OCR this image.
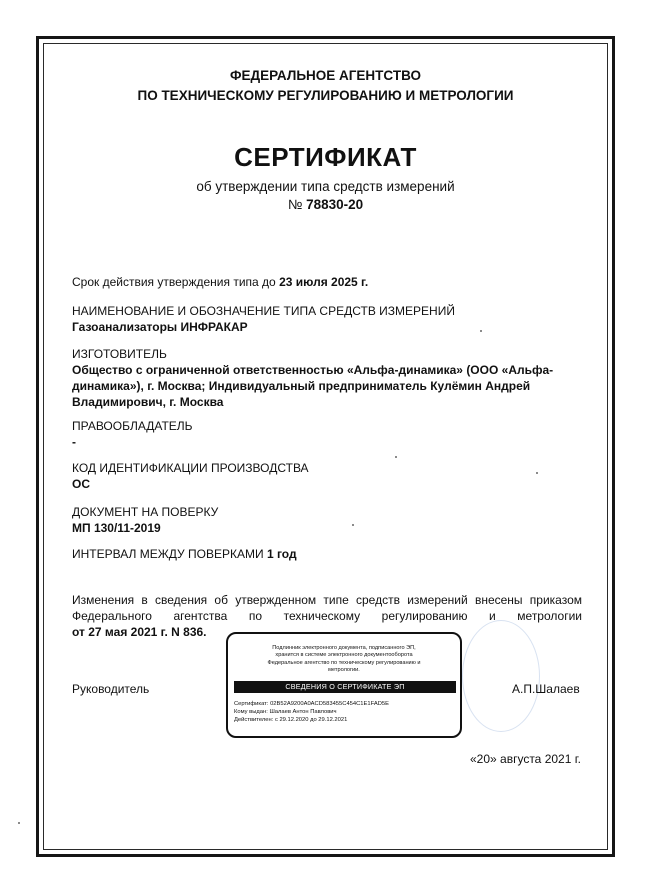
ФЕДЕРАЛЬНОЕ АГЕНТСТВО
ПО ТЕХНИЧЕСКОМУ РЕГУЛИРОВАНИЮ И МЕТРОЛОГИИ
СЕРТИФИКАТ
об утверждении типа средств измерений
№ 78830-20
Срок действия утверждения типа до 23 июля 2025 г.
НАИМЕНОВАНИЕ И ОБОЗНАЧЕНИЕ ТИПА СРЕДСТВ ИЗМЕРЕНИЙ
Газоанализаторы ИНФРАКАР
ИЗГОТОВИТЕЛЬ
Общество с ограниченной ответственностью «Альфа-динамика» (ООО «Альфа-динамика»), г. Москва; Индивидуальный предприниматель Кулёмин Андрей Владимирович, г. Москва
ПРАВООБЛАДАТЕЛЬ
-
КОД ИДЕНТИФИКАЦИИ ПРОИЗВОДСТВА
ОС
ДОКУМЕНТ НА ПОВЕРКУ
МП 130/11-2019
ИНТЕРВАЛ МЕЖДУ ПОВЕРКАМИ 1 год
Изменения в сведения об утвержденном типе средств измерений внесены приказом
Федерального агентства по техническому регулированию и метрологии
от 27 мая 2021 г. N 836.
Руководитель	А.П.Шалаев
Подлинник электронного документа, подписанного ЭП,
хранится в системе электронного документооборота
Федеральное агентство по техническому регулированию и
метрологии.
СВЕДЕНИЯ О СЕРТИФИКАТЕ ЭП
Сертификат: 02B52A9200A0ACD583455C454C1E1FAD5E
Кому выдан: Шалаев Антон Павлович
Действителен: с 29.12.2020 до 29.12.2021
«20» августа 2021 г.
